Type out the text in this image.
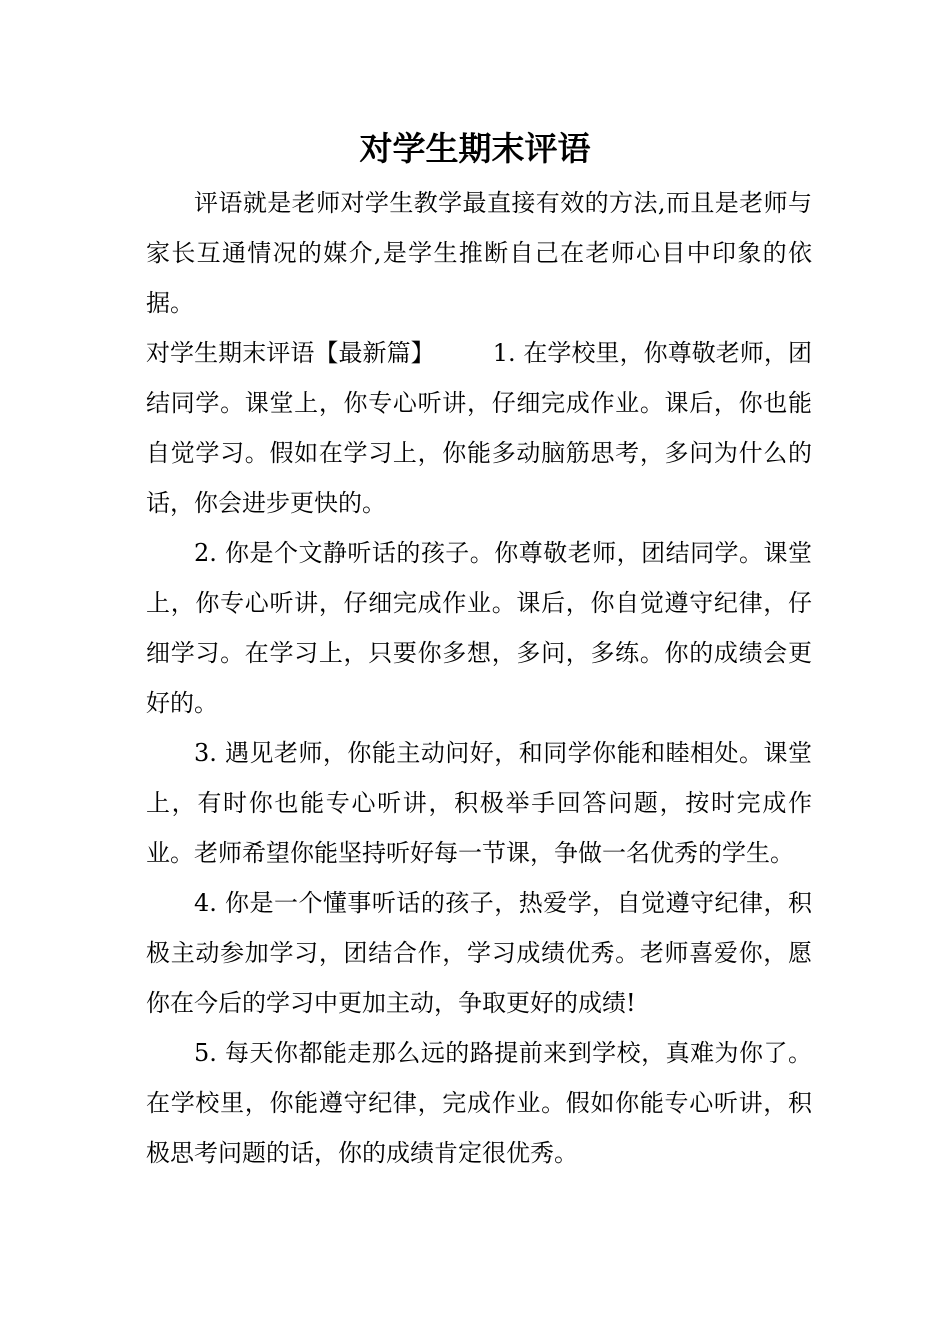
对学生期末评语

评语就是老师对学生教学最直接有效的方法,而且是老师与家长互通情况的媒介,是学生推断自己在老师心目中印象的依据。

对学生期末评语【最新篇】 1. 在学校里，你尊敬老师，团结同学。课堂上，你专心听讲，仔细完成作业。课后，你也能自觉学习。假如在学习上，你能多动脑筋思考，多问为什么的话，你会进步更快的。

2. 你是个文静听话的孩子。你尊敬老师，团结同学。课堂上，你专心听讲，仔细完成作业。课后，你自觉遵守纪律，仔细学习。在学习上，只要你多想，多问，多练。你的成绩会更好的。

3. 遇见老师，你能主动问好，和同学你能和睦相处。课堂上，有时你也能专心听讲，积极举手回答问题，按时完成作业。老师希望你能坚持听好每一节课，争做一名优秀的学生。

4. 你是一个懂事听话的孩子，热爱学，自觉遵守纪律，积极主动参加学习，团结合作，学习成绩优秀。老师喜爱你，愿你在今后的学习中更加主动，争取更好的成绩!

5. 每天你都能走那么远的路提前来到学校，真难为你了。在学校里，你能遵守纪律，完成作业。假如你能专心听讲，积极思考问题的话，你的成绩肯定很优秀。
